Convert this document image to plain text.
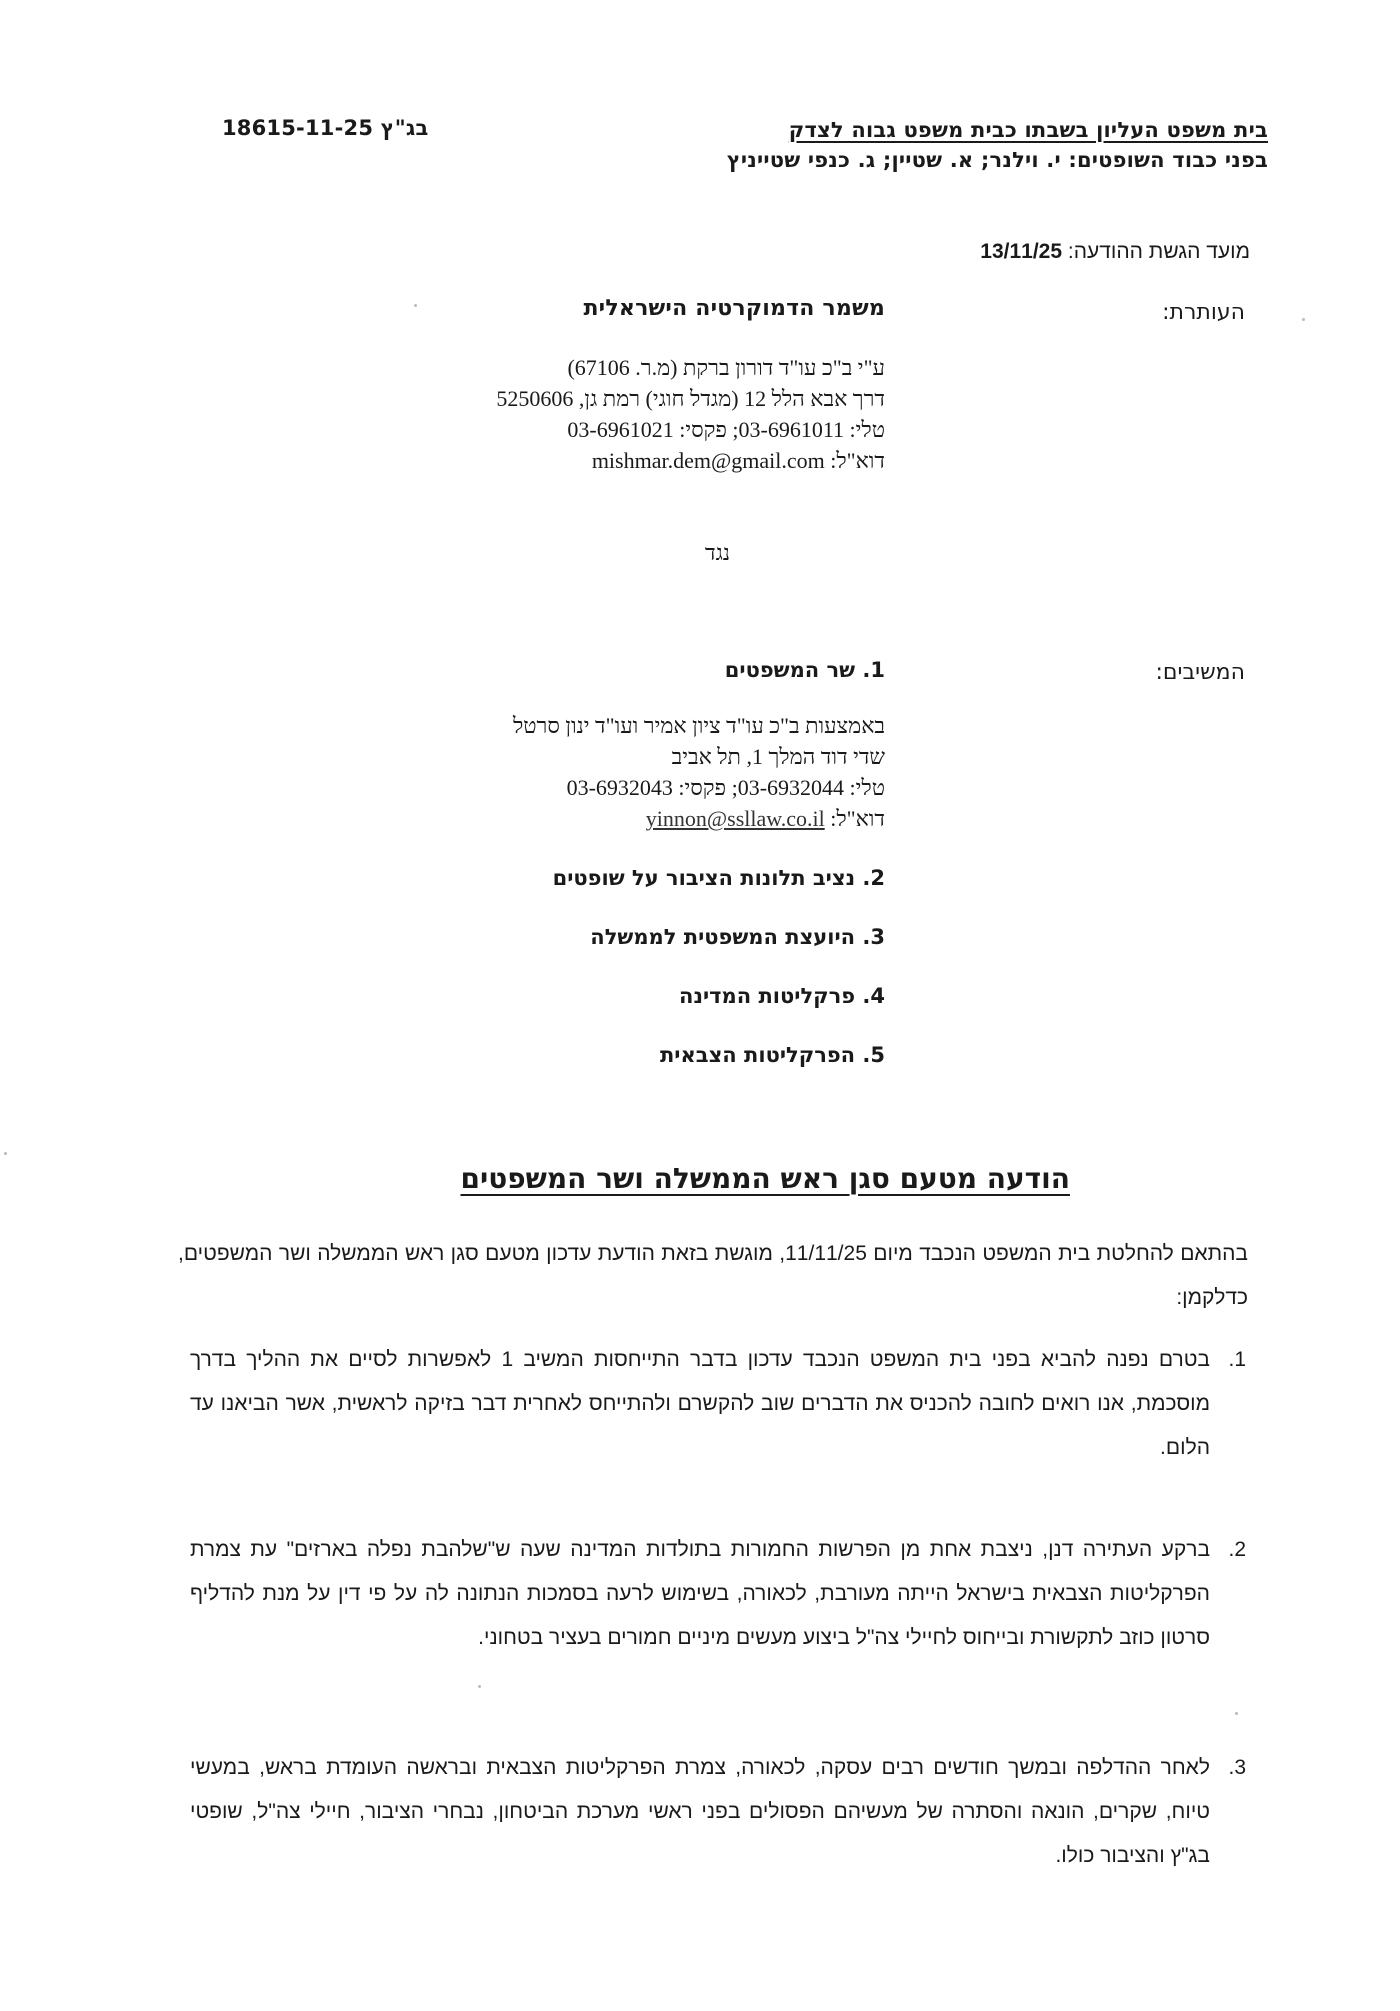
בית משפט העליון בשבתו כבית משפט גבוה לצדק
בפני כבוד השופטים: י. וילנר; א. שטיין; ג. כנפי שטייניץ
בג"ץ 18615-11-25
מועד הגשת ההודעה: 13/11/25
העותרת:
משמר הדמוקרטיה הישראלית
ע"י ב"כ עו"ד דורון ברקת (מ.ר. 67106)
דרך אבא הלל 12 (מגדל חוגי) רמת גן, 5250606
טלי: 03-6961011; פקסי: 03-6961021
דוא"ל: mishmar.dem@gmail.com
נגד
המשיבים:
1. שר המשפטים
באמצעות ב"כ עו"ד ציון אמיר ועו"ד ינון סרטל
שדי דוד המלך 1, תל אביב
טלי: 03-6932044; פקסי: 03-6932043
דוא"ל: yinnon@ssllaw.co.il
2. נציב תלונות הציבור על שופטים
3. היועצת המשפטית לממשלה
4. פרקליטות המדינה
5. הפרקליטות הצבאית
הודעה מטעם סגן ראש הממשלה ושר המשפטים
בהתאם להחלטת בית המשפט הנכבד מיום 11/11/25, מוגשת בזאת הודעת עדכון מטעם סגן ראש הממשלה ושר המשפטים, כדלקמן:
1.
בטרם נפנה להביא בפני בית המשפט הנכבד עדכון בדבר התייחסות המשיב 1 לאפשרות לסיים את ההליך בדרך מוסכמת, אנו רואים לחובה להכניס את הדברים שוב להקשרם ולהתייחס לאחרית דבר בזיקה לראשית, אשר הביאנו עד הלום.
2.
ברקע העתירה דנן, ניצבת אחת מן הפרשות החמורות בתולדות המדינה שעה ש"שלהבת נפלה בארזים" עת צמרת הפרקליטות הצבאית בישראל הייתה מעורבת, לכאורה, בשימוש לרעה בסמכות הנתונה לה על פי דין על מנת להדליף סרטון כוזב לתקשורת ובייחוס לחיילי צה"ל ביצוע מעשים מיניים חמורים בעציר בטחוני.
3.
לאחר ההדלפה ובמשך חודשים רבים עסקה, לכאורה, צמרת הפרקליטות הצבאית ובראשה העומדת בראש, במעשי טיוח, שקרים, הונאה והסתרה של מעשיהם הפסולים בפני ראשי מערכת הביטחון, נבחרי הציבור, חיילי צה"ל, שופטי בג"ץ והציבור כולו.
